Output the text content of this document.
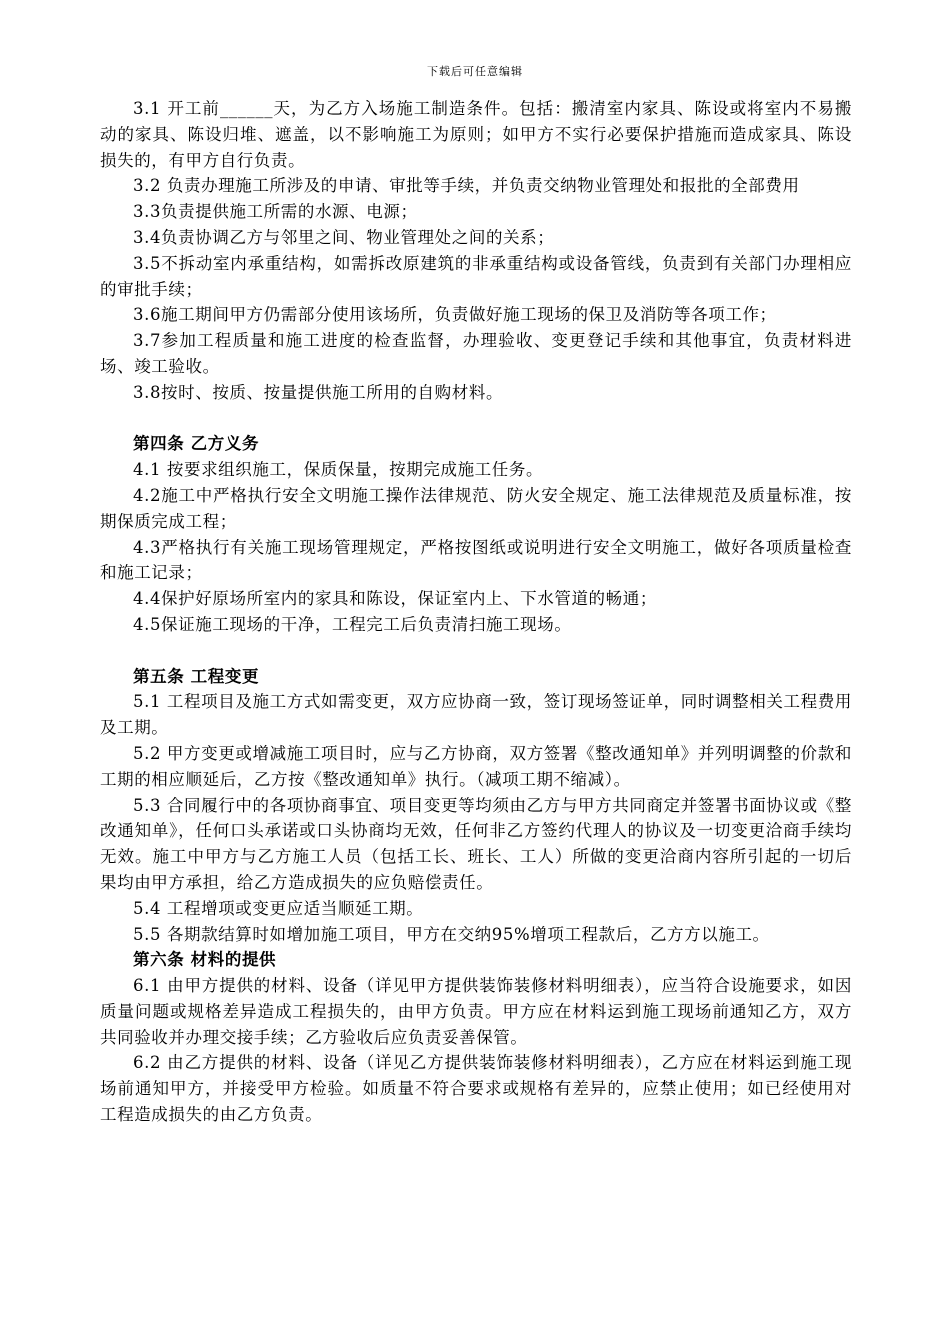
下载后可任意编辑
3.1 开工前______天，为乙方入场施工制造条件。包括：搬清室内家具、陈设或将室内不易搬动的家具、陈设归堆、遮盖，以不影响施工为原则；如甲方不实行必要保护措施而造成家具、陈设损失的，有甲方自行负责。
3.2 负责办理施工所涉及的申请、审批等手续，并负责交纳物业管理处和报批的全部费用
3.3负责提供施工所需的水源、电源；
3.4负责协调乙方与邻里之间、物业管理处之间的关系；
3.5不拆动室内承重结构，如需拆改原建筑的非承重结构或设备管线，负责到有关部门办理相应的审批手续；
3.6施工期间甲方仍需部分使用该场所，负责做好施工现场的保卫及消防等各项工作；
3.7参加工程质量和施工进度的检查监督，办理验收、变更登记手续和其他事宜，负责材料进场、竣工验收。
3.8按时、按质、按量提供施工所用的自购材料。
第四条 乙方义务
4.1 按要求组织施工，保质保量，按期完成施工任务。
4.2施工中严格执行安全文明施工操作法律规范、防火安全规定、施工法律规范及质量标准，按期保质完成工程；
4.3严格执行有关施工现场管理规定，严格按图纸或说明进行安全文明施工，做好各项质量检查和施工记录；
4.4保护好原场所室内的家具和陈设，保证室内上、下水管道的畅通；
4.5保证施工现场的干净，工程完工后负责清扫施工现场。
第五条 工程变更
5.1 工程项目及施工方式如需变更，双方应协商一致，签订现场签证单，同时调整相关工程费用及工期。
5.2 甲方变更或增减施工项目时，应与乙方协商，双方签署《整改通知单》并列明调整的价款和工期的相应顺延后，乙方按《整改通知单》执行。（减项工期不缩减）。
5.3 合同履行中的各项协商事宜、项目变更等均须由乙方与甲方共同商定并签署书面协议或《整改通知单》，任何口头承诺或口头协商均无效，任何非乙方签约代理人的协议及一切变更洽商手续均无效。施工中甲方与乙方施工人员（包括工长、班长、工人）所做的变更洽商内容所引起的一切后果均由甲方承担，给乙方造成损失的应负赔偿责任。
5.4 工程增项或变更应适当顺延工期。
5.5 各期款结算时如增加施工项目，甲方在交纳95%增项工程款后，乙方方以施工。
第六条 材料的提供
6.1 由甲方提供的材料、设备（详见甲方提供装饰装修材料明细表），应当符合设施要求，如因质量问题或规格差异造成工程损失的，由甲方负责。甲方应在材料运到施工现场前通知乙方，双方共同验收并办理交接手续；乙方验收后应负责妥善保管。
6.2 由乙方提供的材料、设备（详见乙方提供装饰装修材料明细表），乙方应在材料运到施工现场前通知甲方，并接受甲方检验。如质量不符合要求或规格有差异的，应禁止使用；如已经使用对工程造成损失的由乙方负责。
